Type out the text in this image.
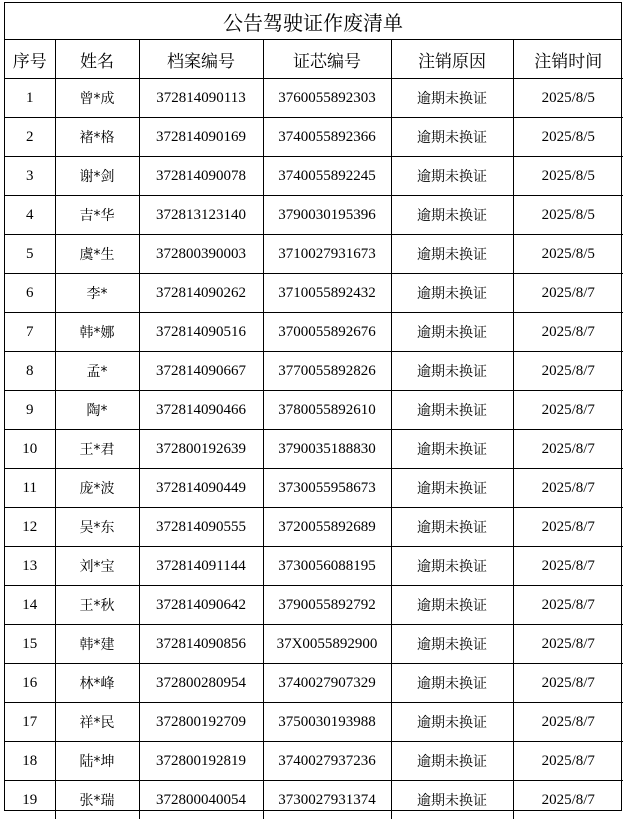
公告驾驶证作废清单
序号	姓名	档案编号	证芯编号	注销原因	注销时间
1	曾*成	372814090113	3760055892303	逾期未换证	2025/8/5
2	褚*格	372814090169	3740055892366	逾期未换证	2025/8/5
3	谢*剑	372814090078	3740055892245	逾期未换证	2025/8/5
4	吉*华	372813123140	3790030195396	逾期未换证	2025/8/5
5	虞*生	372800390003	3710027931673	逾期未换证	2025/8/5
6	李*	372814090262	3710055892432	逾期未换证	2025/8/7
7	韩*娜	372814090516	3700055892676	逾期未换证	2025/8/7
8	孟*	372814090667	3770055892826	逾期未换证	2025/8/7
9	陶*	372814090466	3780055892610	逾期未换证	2025/8/7
10	王*君	372800192639	3790035188830	逾期未换证	2025/8/7
11	庞*波	372814090449	3730055958673	逾期未换证	2025/8/7
12	吴*东	372814090555	3720055892689	逾期未换证	2025/8/7
13	刘*宝	372814091144	3730056088195	逾期未换证	2025/8/7
14	王*秋	372814090642	3790055892792	逾期未换证	2025/8/7
15	韩*建	372814090856	37X0055892900	逾期未换证	2025/8/7
16	林*峰	372800280954	3740027907329	逾期未换证	2025/8/7
17	祥*民	372800192709	3750030193988	逾期未换证	2025/8/7
18	陆*坤	372800192819	3740027937236	逾期未换证	2025/8/7
19	张*瑞	372800040054	3730027931374	逾期未换证	2025/8/7
